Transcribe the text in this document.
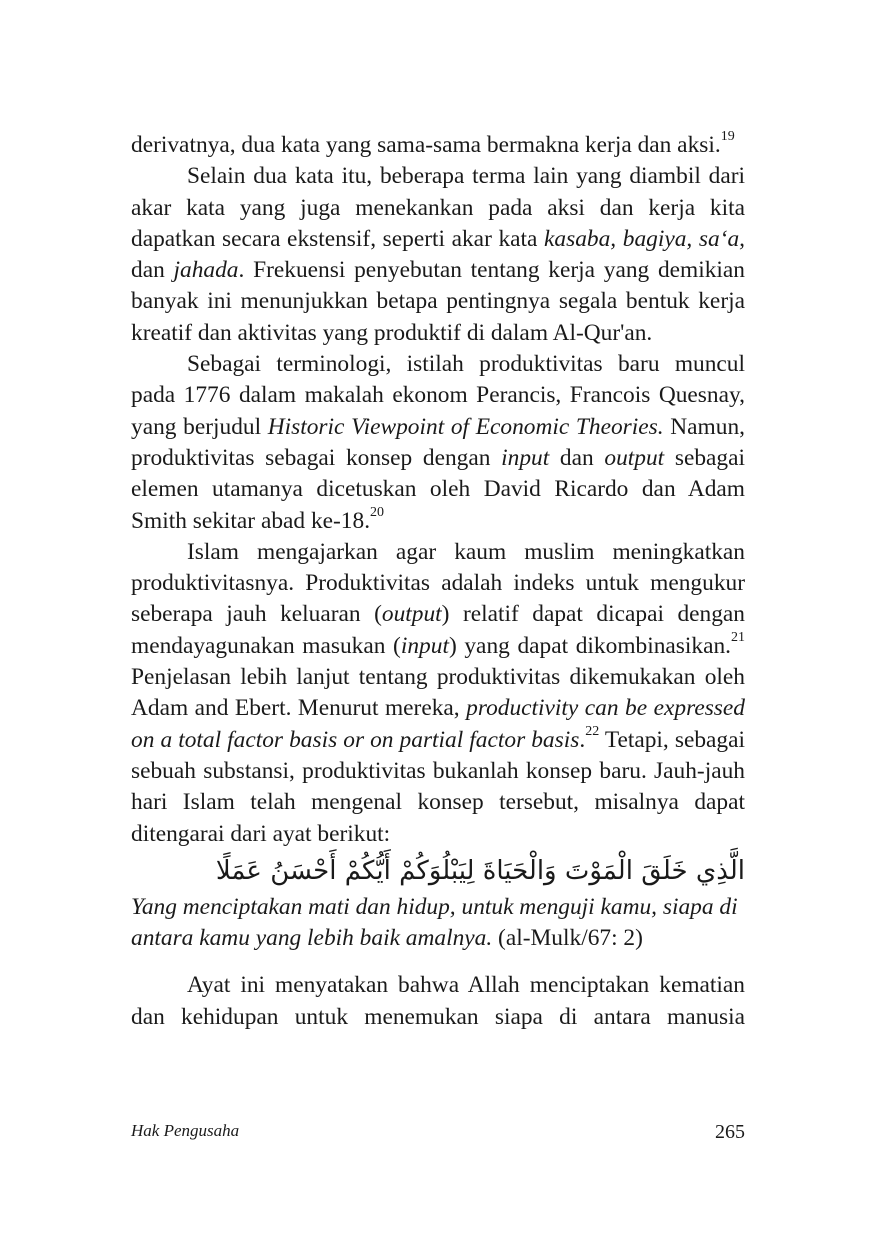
derivatnya, dua kata yang sama-sama bermakna kerja dan aksi.$^{19}$

Selain dua kata itu, beberapa terma lain yang diambil dari akar kata yang juga menekankan pada aksi dan kerja kita dapatkan secara ekstensif, seperti akar kata kasaba, bagiya, sa‘a, dan jahada. Frekuensi penyebutan tentang kerja yang demikian banyak ini menunjukkan betapa pentingnya segala bentuk kerja kreatif dan aktivitas yang produktif di dalam Al-Qur'an.

Sebagai terminologi, istilah produktivitas baru muncul pada 1776 dalam makalah ekonom Perancis, Francois Quesnay, yang berjudul Historic Viewpoint of Economic Theories. Namun, produktivitas sebagai konsep dengan input dan output sebagai elemen utamanya dicetuskan oleh David Ricardo dan Adam Smith sekitar abad ke-18.20

Islam mengajarkan agar kaum muslim meningkatkan produktivitasnya. Produktivitas adalah indeks untuk mengukur seberapa jauh keluaran (output) relatif dapat dicapai dengan mendayagunakan masukan (input) yang dapat dikombinasikan.$^{21}$ Penjelasan lebih lanjut tentang produktivitas dikemukakan oleh Adam and Ebert. Menurut mereka, productivity can be expressed on a total factor basis or on partial factor basis.$^{22}$ Tetapi, sebagai sebuah substansi, produktivitas bukanlah konsep baru. Jauh-jauh hari Islam telah mengenal konsep tersebut, misalnya dapat ditengarai dari ayat berikut:

الَّذِي خَلَقَ الْمَوْتَ وَالْحَيَاةَ لِيَبْلُوَكُمْ أَيُّكُمْ أَحْسَنُ عَمَلًا

Yang menciptakan mati dan hidup, untuk menguji kamu, siapa di antara kamu yang lebih baik amalnya. (al-Mulk/67: 2)

Ayat ini menyatakan bahwa Allah menciptakan kematian dan kehidupan untuk menemukan siapa di antara manusia

Hak Pengusaha	265
